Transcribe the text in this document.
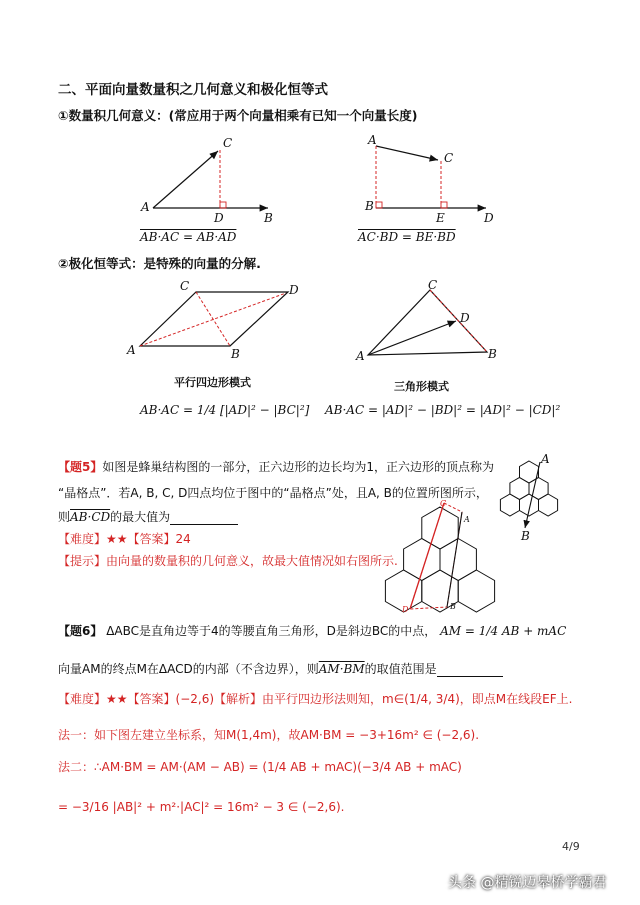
二、平面向量数量积之几何意义和极化恒等式
①数量积几何意义：(常应用于两个向量相乘有已知一个向量长度)
A
C
D	B
AB·AC = AB·AD
A
C
B
E	D
AC·BD = BE·BD
②极化恒等式：是特殊的向量的分解.
A	B
C	D
平行四边形模式
AB·AC = 1/4 [|AD|² − |BC|²]
A	B
C
D
三角形模式
AB·AC = |AD|² − |BD|² = |AD|² − |CD|²
【题5】如图是蜂巢结构图的一部分，正六边形的边长均为1，正六边形的顶点称为
“晶格点”．若A, B, C, D四点均位于图中的“晶格点”处，且A, B的位置所图所示，
则AB·CD的最大值为
【难度】★★【答案】24
【提示】由向量的数量积的几何意义，故最大值情况如右图所示.
A
B
C
A
D	B
【题6】 ΔABC是直角边等于4的等腰直角三角形，D是斜边BC的中点， AM = 1/4 AB + mAC
向量AM的终点M在ΔACD的内部（不含边界），则AM·BM的取值范围是
【难度】★★【答案】(−2,6)【解析】由平行四边形法则知，m∈(1/4, 3/4)，即点M在线段EF上.
法一：如下图左建立坐标系，知M(1,4m)，故AM·BM = −3+16m² ∈ (−2,6).
法二：∴AM·BM = AM·(AM − AB) = (1/4 AB + mAC)(−3/4 AB + mAC)
= −3/16 |AB|² + m²·|AC|² = 16m² − 3 ∈ (−2,6).
4/9
头条 @精锐迈皋桥学霸君
